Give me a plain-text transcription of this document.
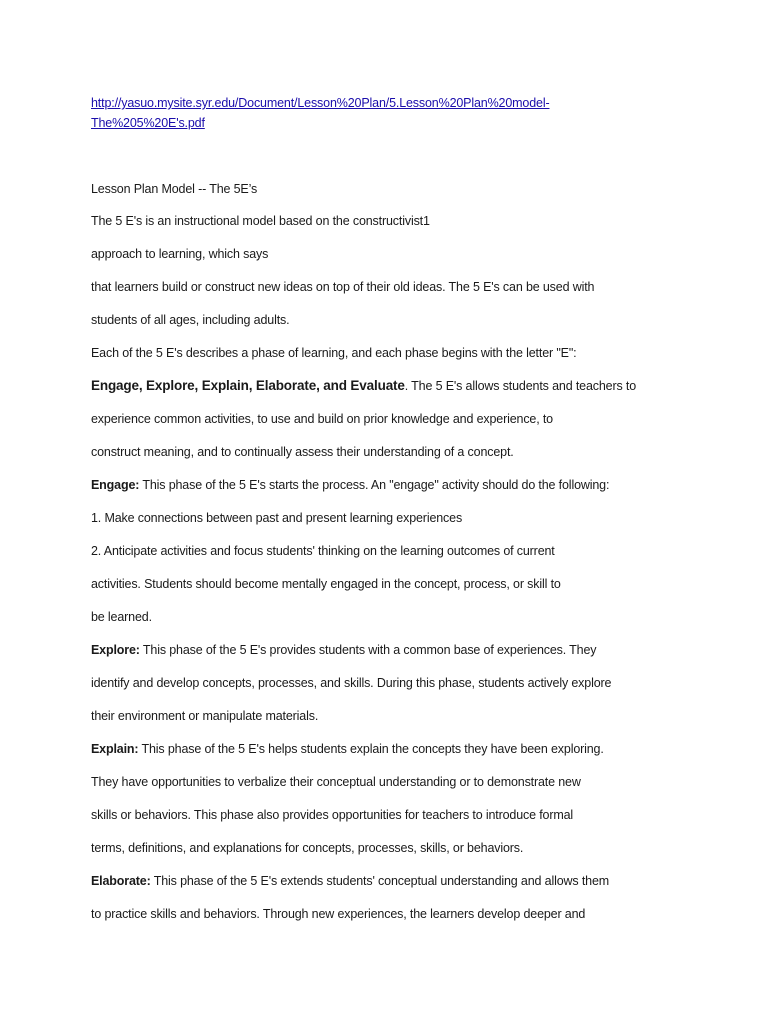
http://yasuo.mysite.syr.edu/Document/Lesson%20Plan/5.Lesson%20Plan%20model-
The%205%20E's.pdf
Lesson Plan Model -- The 5E’s
The 5 E's is an instructional model based on the constructivist1
approach to learning, which says
that learners build or construct new ideas on top of their old ideas. The 5 E's can be used with
students of all ages, including adults.
Each of the 5 E's describes a phase of learning, and each phase begins with the letter "E":
Engage, Explore, Explain, Elaborate, and Evaluate. The 5 E's allows students and teachers to
experience common activities, to use and build on prior knowledge and experience, to
construct meaning, and to continually assess their understanding of a concept.
Engage: This phase of the 5 E's starts the process. An "engage" activity should do the following:
1. Make connections between past and present learning experiences
2. Anticipate activities and focus students' thinking on the learning outcomes of current
activities. Students should become mentally engaged in the concept, process, or skill to
be learned.
Explore: This phase of the 5 E's provides students with a common base of experiences. They
identify and develop concepts, processes, and skills. During this phase, students actively explore
their environment or manipulate materials.
Explain: This phase of the 5 E's helps students explain the concepts they have been exploring.
They have opportunities to verbalize their conceptual understanding or to demonstrate new
skills or behaviors. This phase also provides opportunities for teachers to introduce formal
terms, definitions, and explanations for concepts, processes, skills, or behaviors.
Elaborate: This phase of the 5 E's extends students' conceptual understanding and allows them
to practice skills and behaviors. Through new experiences, the learners develop deeper and
